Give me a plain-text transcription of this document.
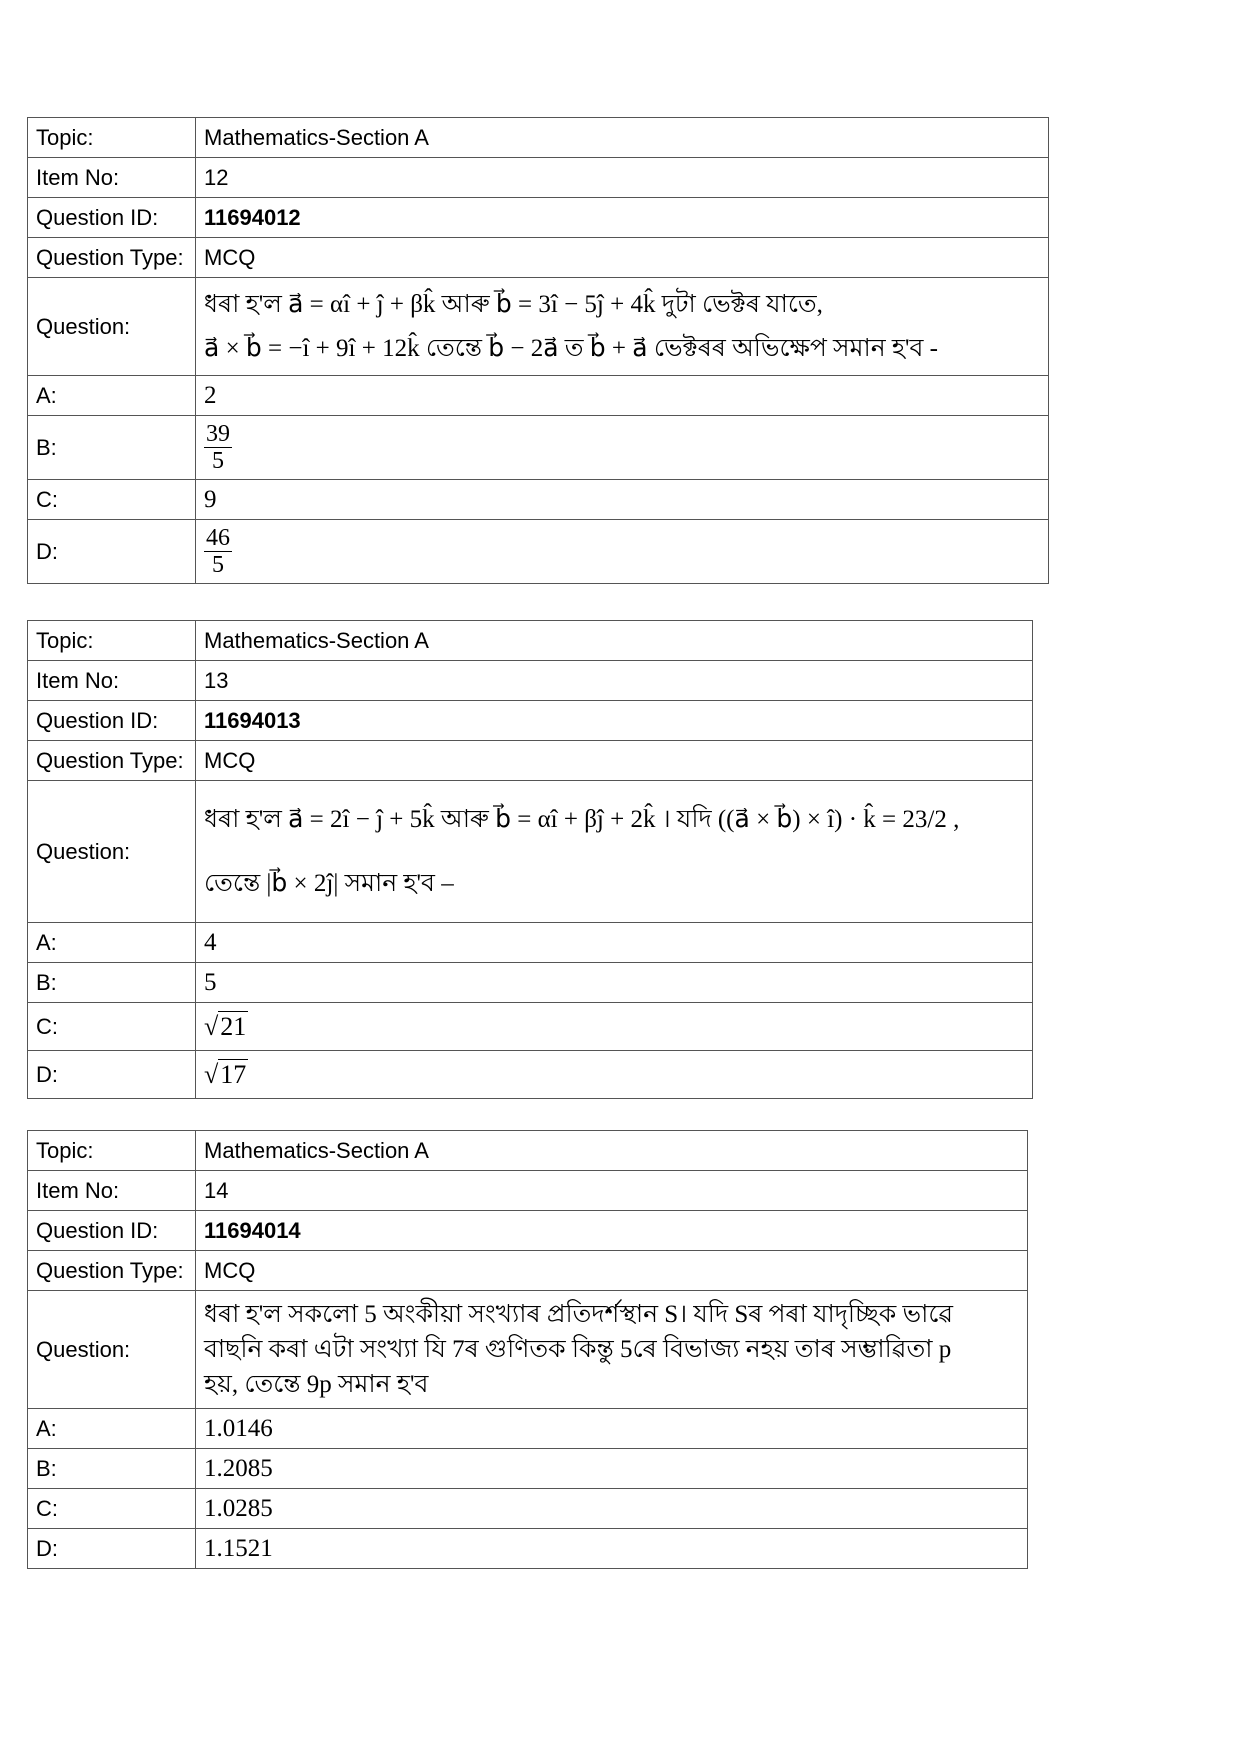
Topic:	Mathematics-Section A
Item No:	12
Question ID:	11694012
Question Type:	MCQ
Question:	ধৰা হ'ল a⃗ = αî + ĵ + βk̂ আৰু b⃗ = 3î − 5ĵ + 4k̂ দুটা ভেক্টৰ যাতে,
a⃗ × b⃗ = −î + 9î + 12k̂ তেন্তে b⃗ − 2a⃗ ত b⃗ + a⃗ ভেক্টৰৰ অভিক্ষেপ সমান হ'ব -

A:	2
B:	$\frac{39}{5}$

C:	9
D:	$\frac{46}{5}$
Topic:	Mathematics-Section A
Item No:	13
Question ID:	11694013
Question Type:	MCQ
Question:	ধৰা হ'ল a⃗ = 2î − ĵ + 5k̂ আৰু b⃗ = αî + βĵ + 2k̂ । যদি ((a⃗ × b⃗) × î) · k̂ = 23/2 ,
তেন্তে |b⃗ × 2ĵ| সমান হ'ব –

A:	4
B:	5
C:	√21
D:	√17
Topic:	Mathematics-Section A
Item No:	14
Question ID:	11694014
Question Type:	MCQ
Question:	ধৰা হ'ল সকলো 5 অংকীয়া সংখ্যাৰ প্ৰতিদৰ্শস্থান S। যদি Sৰ পৰা যাদৃচ্ছিক ভাৱে
বাছনি কৰা এটা সংখ্যা যি 7ৰ গুণিতক কিন্তু 5ৰে বিভাজ্য নহয় তাৰ সম্ভাৱিতা p
হয়, তেন্তে 9p সমান হ'ব

A:	1.0146
B:	1.2085
C:	1.0285
D:	1.1521
